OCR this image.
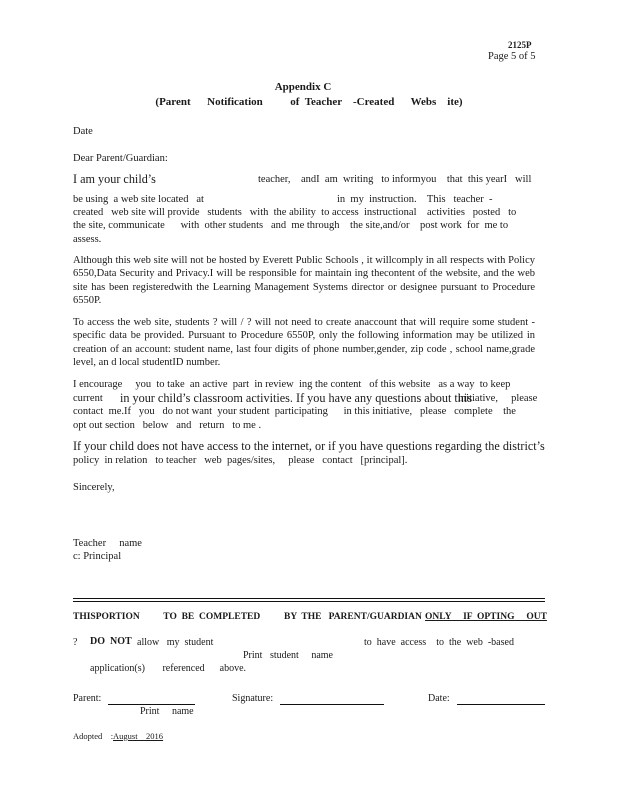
2125P
Page 5 of 5
Appendix C
(Parent      Notification          of  Teacher    -Created      Webs    ite)
Date
Dear Parent/Guardian:
I am your child’s	teacher,    andI  am  writing   to informyou    that  this yearI   will
be using  a web site located   at	in  my  instruction.    This   teacher  -
created   web site will provide   students   with  the ability  to access  instructional    activities   posted   to
the site, communicate      with  other students   and  me through    the site,and/or    post work  for  me to
assess.
Although this web site will not be hosted by Everett Public Schools , it willcomply in all respects with Policy 6550,Data Security and Privacy.I will be responsible for maintain ing thecontent of the website, and the web site has been registeredwith the Learning Management Systems director or designee pursuant to Procedure 6550P.
To access the web site, students ? will / ? will not need to create anaccount that will require some student -specific data be provided. Pursuant to Procedure 6550P, only the following information may be utilized in creation of an account: student name, last four digits of phone number,gender, zip code , school name,grade level, an d local studentID number.
I encourage     you  to take  an active  part  in review  ing the content   of this website   as a way  to keep
current in your child’s classroom activities. If you have any questions about this
initiative,     please
contact  me.If   you   do not want  your student  participating      in this initiative,   please   complete    the
opt out section   below   and   return   to me .
If your child does not have access to the internet, or if you have questions regarding the district’s
policy  in relation   to teacher   web  pages/sites,     please   contact   [principal].
Sincerely,
Teacher     name
c: Principal
THISPORTION          TO  BE  COMPLETED          BY  THE   PARENT/GUARDIAN ONLY     IF  OPTING     OUT
? DO  NOT allow   my  student	to  have  access    to  the  web  -based
Print   student     name
application(s)       referenced      above.
Parent:
Print     name
Signature:	Date:
Adopted    : August    2016
